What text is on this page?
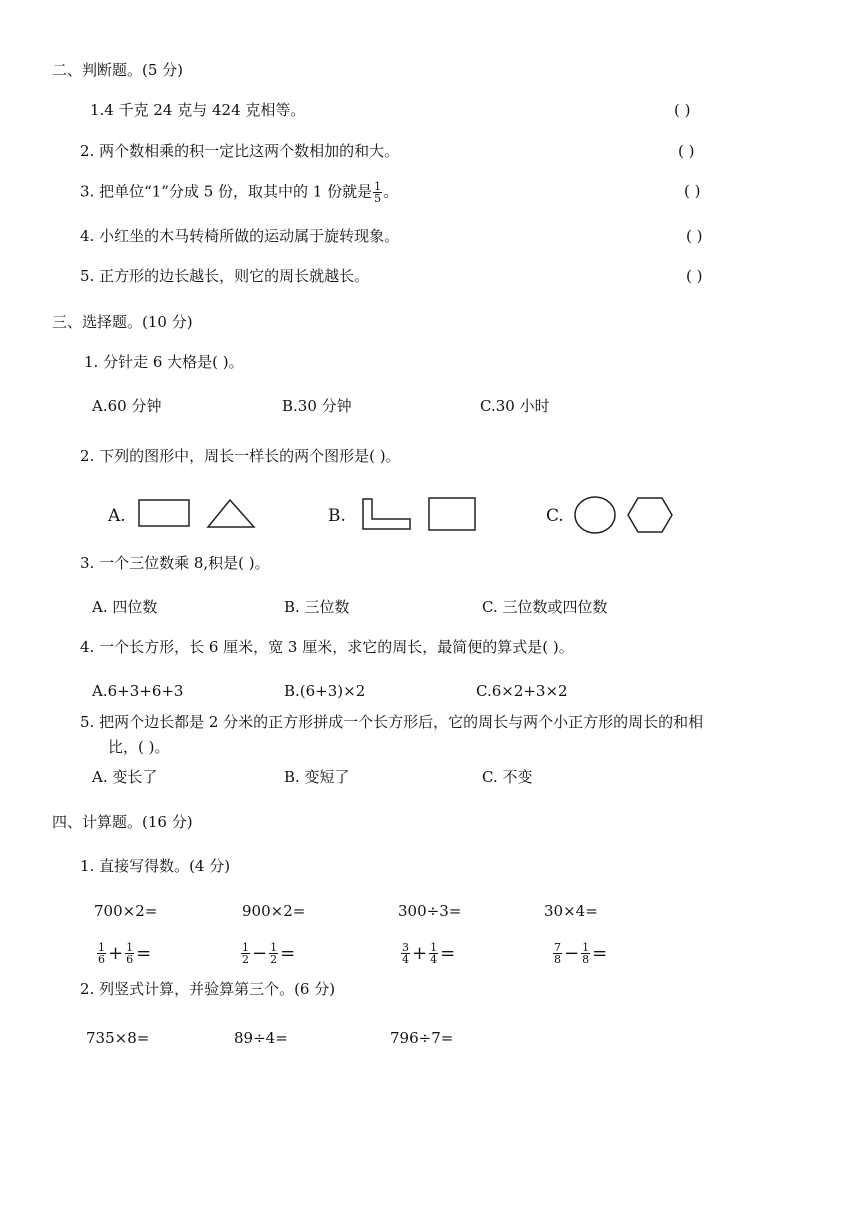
二、判断题。(5 分)
1.4 千克 24 克与 424 克相等。	( )
2. 两个数相乘的积一定比这两个数相加的和大。	( )
3. 把单位“1”分成 5 份，取其中的 1 份就是 $\frac{1}{5}$ 。	( )
4. 小红坐的木马转椅所做的运动属于旋转现象。	( )
5. 正方形的边长越长，则它的周长就越长。	( )
三、选择题。(10 分)
1. 分针走 6 大格是( )。
A.60 分钟	B.30 分钟	C.30 小时
2. 下列的图形中，周长一样长的两个图形是( )。
A.	B.	C.
3. 一个三位数乘 8,积是( )。
A. 四位数	B. 三位数	C. 三位数或四位数
4. 一个长方形，长 6 厘米，宽 3 厘米，求它的周长，最简便的算式是( )。
A.6+3+6+3	B.(6+3)×2	C.6×2+3×2
5. 把两个边长都是 2 分米的正方形拼成一个长方形后，它的周长与两个小正方形的周长的和相
比，( )。
A. 变长了	B. 变短了	C. 不变
四、计算题。(16 分)
1. 直接写得数。(4 分)
700×2=	900×2=	300÷3=	30×4=
$\frac{1}{6} + \frac{1}{6}$ =	$\frac{1}{2} - \frac{1}{2}$ =	$\frac{3}{4} + \frac{1}{4}$ =	$\frac{7}{8} - \frac{1}{8}$ =
2. 列竖式计算，并验算第三个。(6 分)
735×8=	89÷4=	796÷7=
